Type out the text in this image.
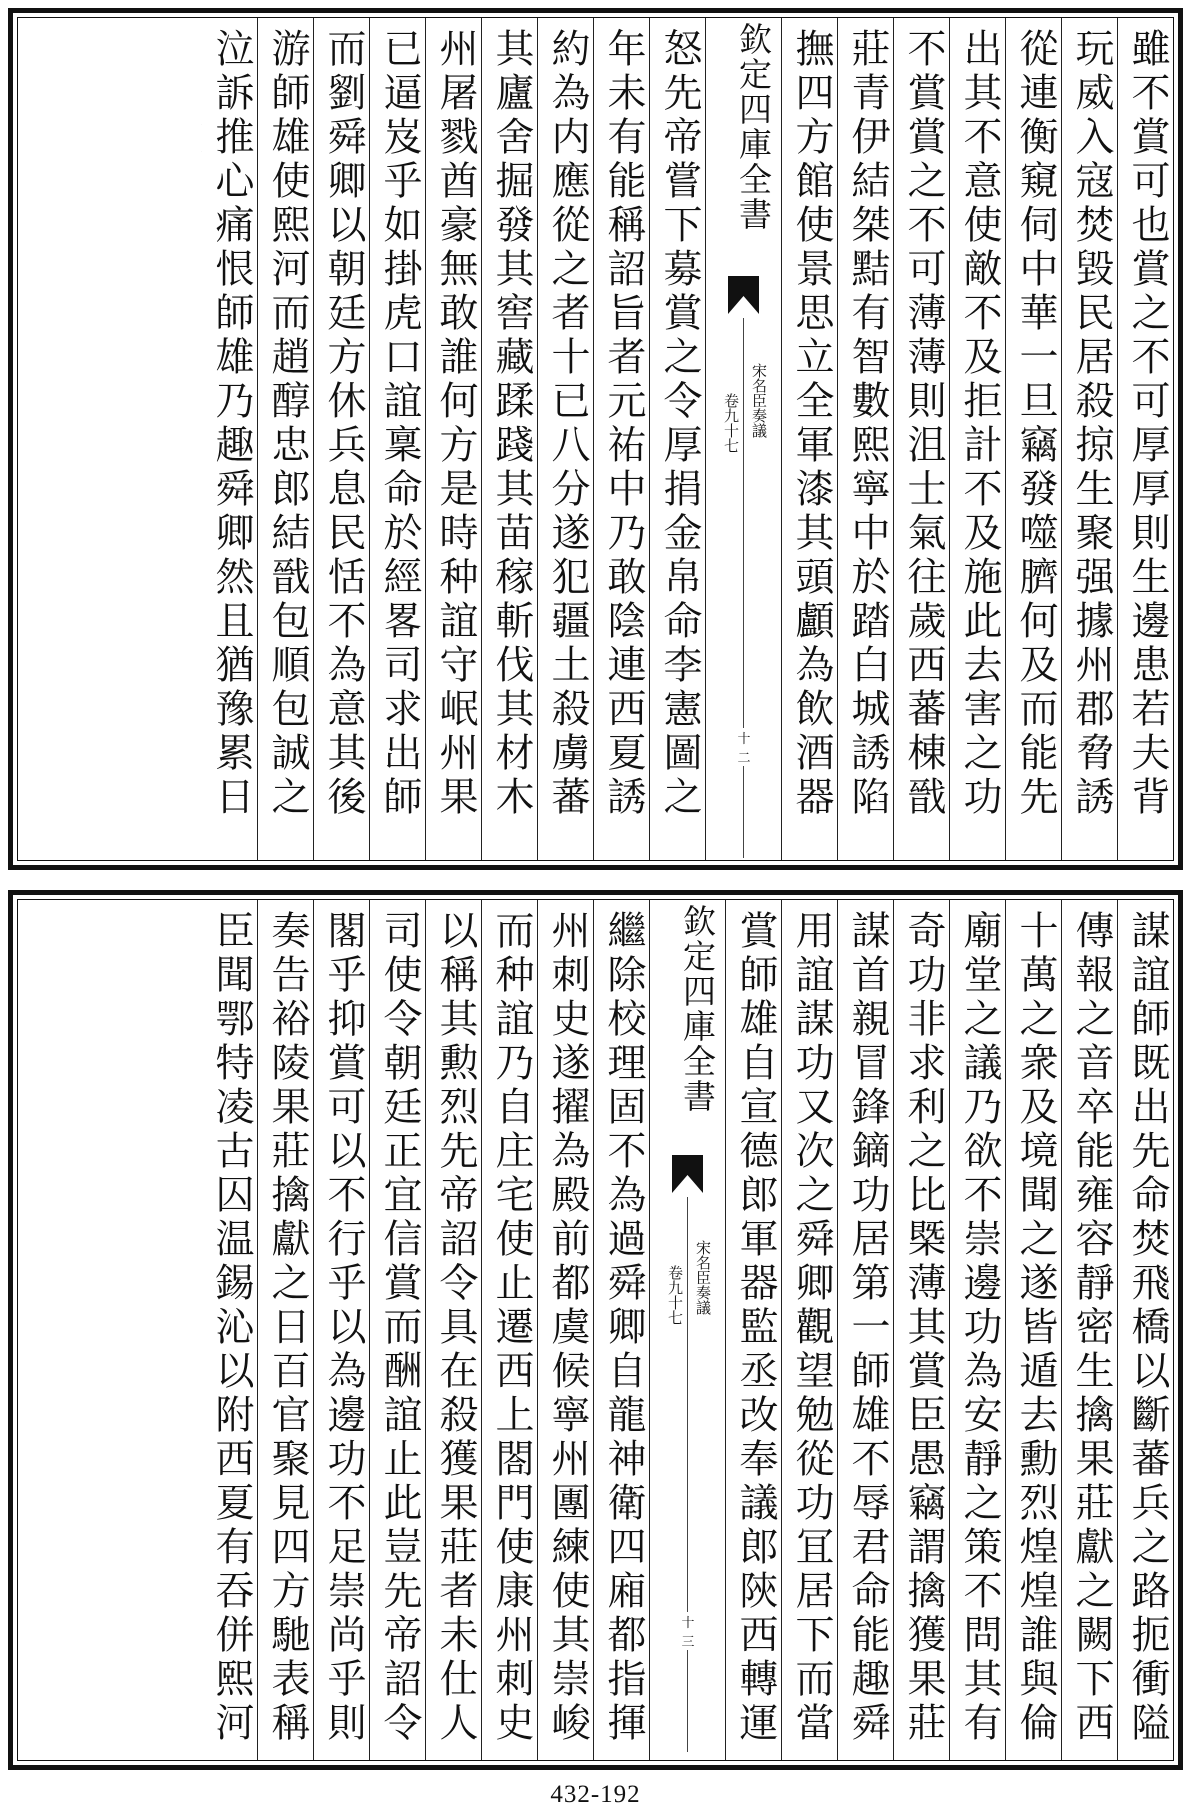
雖不賞可也賞之不可厚厚則生邊患若夫背
玩威入寇焚毀民居殺掠生聚强據州郡脅誘
從連衡窺伺中華一旦竊發噬臍何及而能先
出其不意使敵不及拒計不及施此去害之功
不賞賞之不可薄薄則沮士氣往歲西蕃棟戩
莊青伊結桀黠有智數熙寧中於踏白城誘陷
撫四方館使景思立全軍漆其頭顱為飲酒器
欽定四庫全書
宋名臣奏議
卷九十七
十二
怒先帝嘗下募賞之令厚捐金帛命李憲圖之
年未有能稱詔旨者元祐中乃敢陰連西夏誘
約為内應從之者十已八分遂犯疆土殺虜蕃
其廬舍掘發其窖藏蹂踐其苗稼斬伐其材木
州屠戮酋豪無敢誰何方是時种誼守岷州果
已逼岌乎如掛虎口誼稟命於經畧司求出師
而劉舜卿以朝廷方休兵息民恬不為意其後
游師雄使熙河而趙醇忠郎結戩包順包誠之
泣訴推心痛恨師雄乃趣舜卿然且猶豫累日
謀誼師既出先命焚飛橋以斷蕃兵之路扼衝隘
傳報之音卒能雍容靜密生擒果莊獻之闕下西
十萬之衆及境聞之遂皆遁去勳烈煌煌誰與倫
廟堂之議乃欲不崇邊功為安靜之策不問其有
奇功非求利之比槩薄其賞臣愚竊謂擒獲果莊
謀首親冒鋒鏑功居第一師雄不辱君命能趣舜
用誼謀功又次之舜卿觀望勉從功冝居下而當
賞師雄自宣德郎軍器監丞改奉議郎陝西轉運
欽定四庫全書
宋名臣奏議
卷九十七
十三
繼除校理固不為過舜卿自龍神衛四廂都指揮
州刺史遂擢為殿前都虞候寧州團練使其崇峻
而种誼乃自庄宅使止遷西上閤門使康州刺史
以稱其勲烈先帝詔令具在殺獲果莊者未仕人
司使令朝廷正宜信賞而酬誼止此豈先帝詔令
閣乎抑賞可以不行乎以為邊功不足崇尚乎則
奏告裕陵果莊擒獻之日百官聚見四方馳表稱
臣聞鄂特凌古囚温錫沁以附西夏有吞併熙河
432-192
